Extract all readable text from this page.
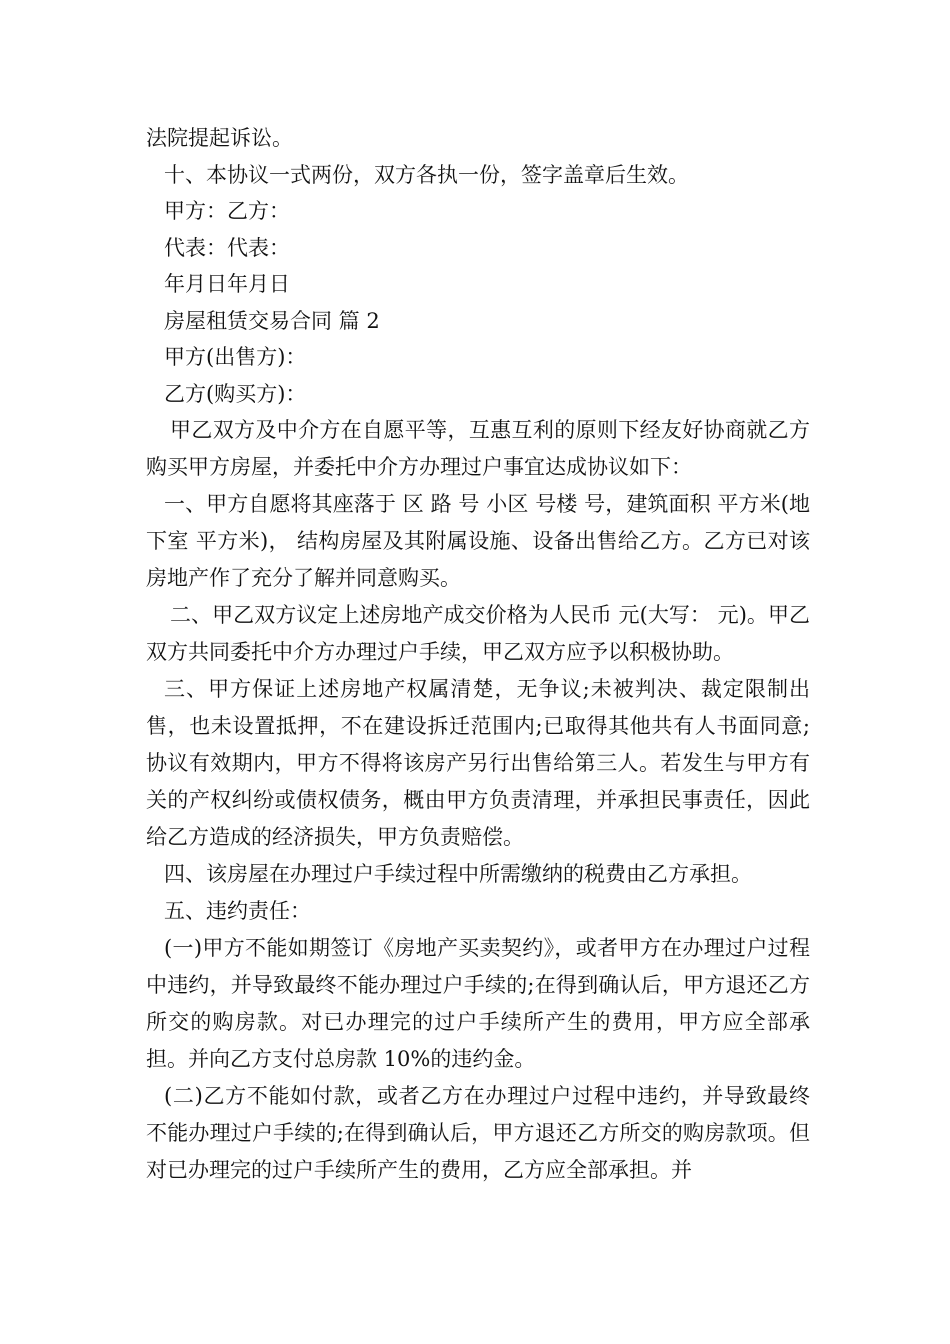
法院提起诉讼。
十、本协议一式两份，双方各执一份，签字盖章后生效。
甲方：乙方：
代表：代表：
年月日年月日
房屋租赁交易合同 篇 2
甲方(出售方)：
乙方(购买方)：

甲乙双方及中介方在自愿平等，互惠互利的原则下经友好协商就乙方购买甲方房屋，并委托中介方办理过户事宜达成协议如下：

一、甲方自愿将其座落于 区 路 号 小区 号楼 号，建筑面积 平方米(地下室 平方米)， 结构房屋及其附属设施、设备出售给乙方。乙方已对该房地产作了充分了解并同意购买。

二、甲乙双方议定上述房地产成交价格为人民币 元(大写： 元)。甲乙双方共同委托中介方办理过户手续，甲乙双方应予以积极协助。

三、甲方保证上述房地产权属清楚，无争议;未被判决、裁定限制出售，也未设置抵押，不在建设拆迁范围内;已取得其他共有人书面同意;协议有效期内，甲方不得将该房产另行出售给第三人。若发生与甲方有关的产权纠纷或债权债务，概由甲方负责清理，并承担民事责任，因此给乙方造成的经济损失，甲方负责赔偿。

四、该房屋在办理过户手续过程中所需缴纳的税费由乙方承担。

五、违约责任：

(一)甲方不能如期签订《房地产买卖契约》，或者甲方在办理过户过程中违约，并导致最终不能办理过户手续的;在得到确认后，甲方退还乙方所交的购房款。对已办理完的过户手续所产生的费用，甲方应全部承担。并向乙方支付总房款 10%的违约金。

(二)乙方不能如付款，或者乙方在办理过户过程中违约，并导致最终不能办理过户手续的;在得到确认后，甲方退还乙方所交的购房款项。但对已办理完的过户手续所产生的费用，乙方应全部承担。并
